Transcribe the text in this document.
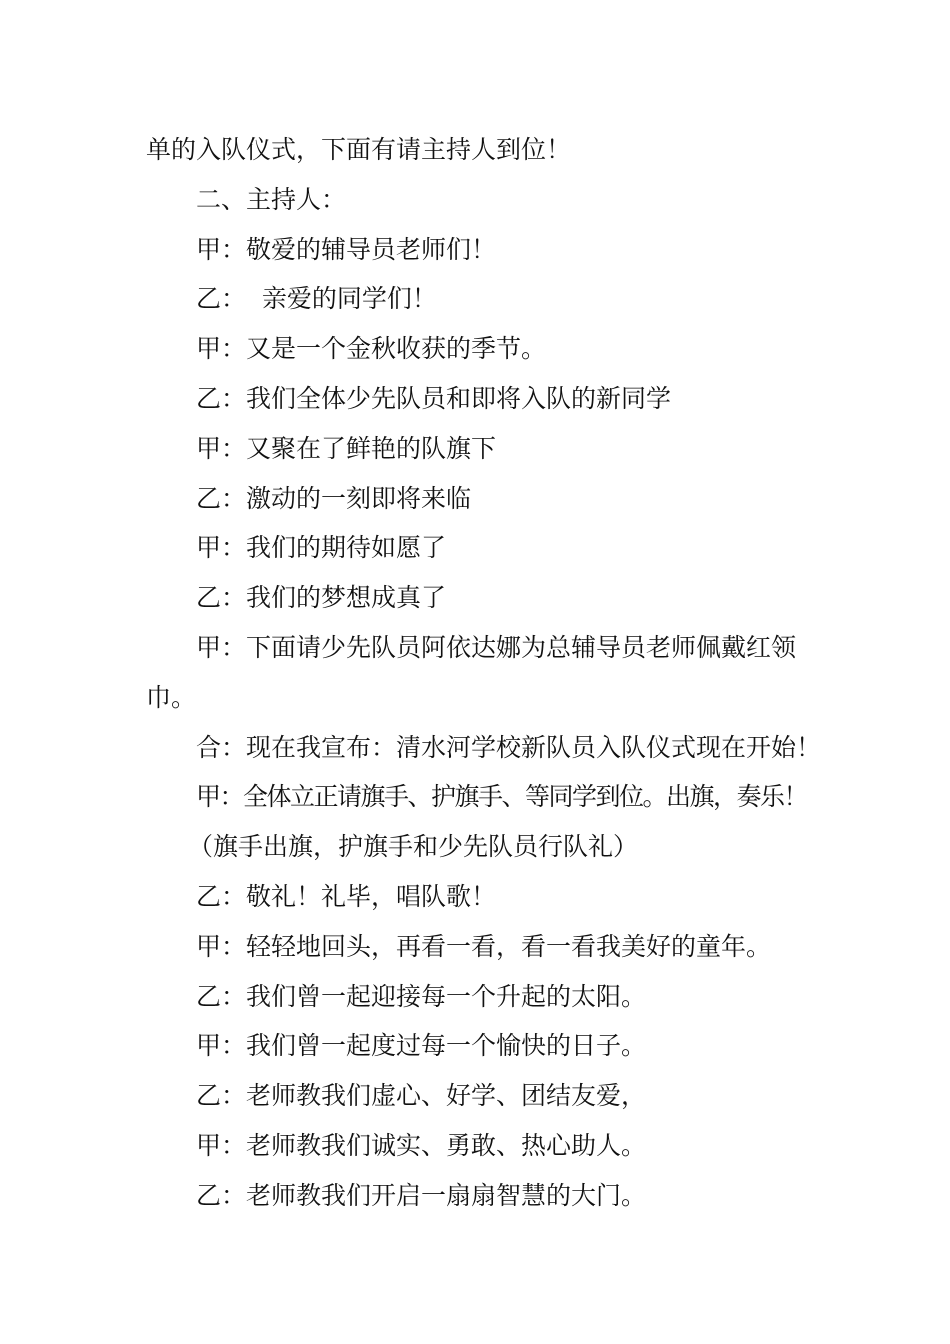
单的入队仪式，下面有请主持人到位！

二、主持人：

甲：敬爱的辅导员老师们！

乙：  亲爱的同学们！

甲：又是一个金秋收获的季节。

乙：我们全体少先队员和即将入队的新同学

甲：又聚在了鲜艳的队旗下

乙：激动的一刻即将来临

甲：我们的期待如愿了

乙：我们的梦想成真了

甲：下面请少先队员阿依达娜为总辅导员老师佩戴红领

巾。

合：现在我宣布：清水河学校新队员入队仪式现在开始！

甲：全体立正请旗手、护旗手、等同学到位。出旗，奏乐！

（旗手出旗，护旗手和少先队员行队礼）

乙：敬礼！礼毕，唱队歌！

甲：轻轻地回头，再看一看，看一看我美好的童年。

乙：我们曾一起迎接每一个升起的太阳。

甲：我们曾一起度过每一个愉快的日子。

乙：老师教我们虚心、好学、团结友爱，

甲：老师教我们诚实、勇敢、热心助人。

乙：老师教我们开启一扇扇智慧的大门。
